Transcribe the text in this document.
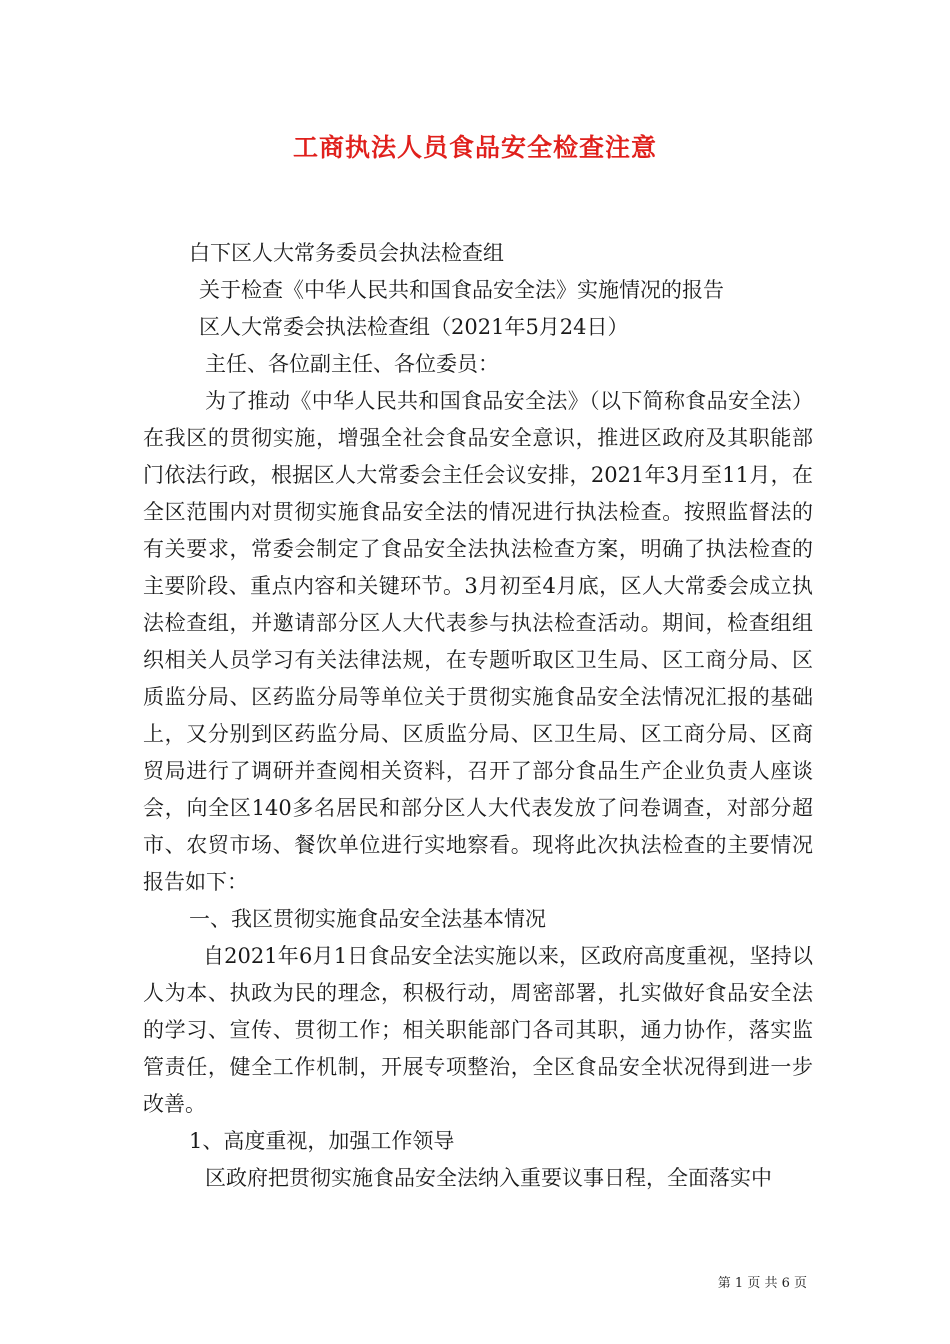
工商执法人员食品安全检查注意

白下区人大常务委员会执法检查组

关于检查《中华人民共和国食品安全法》实施情况的报告

区人大常委会执法检查组（2021年5月24日）

主任、各位副主任、各位委员：

为了推动《中华人民共和国食品安全法》（以下简称食品安全法）在我区的贯彻实施，增强全社会食品安全意识，推进区政府及其职能部门依法行政，根据区人大常委会主任会议安排，2021年3月至11月，在全区范围内对贯彻实施食品安全法的情况进行执法检查。按照监督法的有关要求，常委会制定了食品安全法执法检查方案，明确了执法检查的主要阶段、重点内容和关键环节。3月初至4月底，区人大常委会成立执法检查组，并邀请部分区人大代表参与执法检查活动。期间，检查组组织相关人员学习有关法律法规，在专题听取区卫生局、区工商分局、区质监分局、区药监分局等单位关于贯彻实施食品安全法情况汇报的基础上，又分别到区药监分局、区质监分局、区卫生局、区工商分局、区商贸局进行了调研并查阅相关资料，召开了部分食品生产企业负责人座谈会，向全区140多名居民和部分区人大代表发放了问卷调查，对部分超市、农贸市场、餐饮单位进行实地察看。现将此次执法检查的主要情况报告如下：

一、我区贯彻实施食品安全法基本情况

自2021年6月1日食品安全法实施以来，区政府高度重视，坚持以人为本、执政为民的理念，积极行动，周密部署，扎实做好食品安全法的学习、宣传、贯彻工作；相关职能部门各司其职，通力协作，落实监管责任，健全工作机制，开展专项整治，全区食品安全状况得到进一步改善。

1、高度重视，加强工作领导

区政府把贯彻实施食品安全法纳入重要议事日程，全面落实中

第 1 页 共 6 页
